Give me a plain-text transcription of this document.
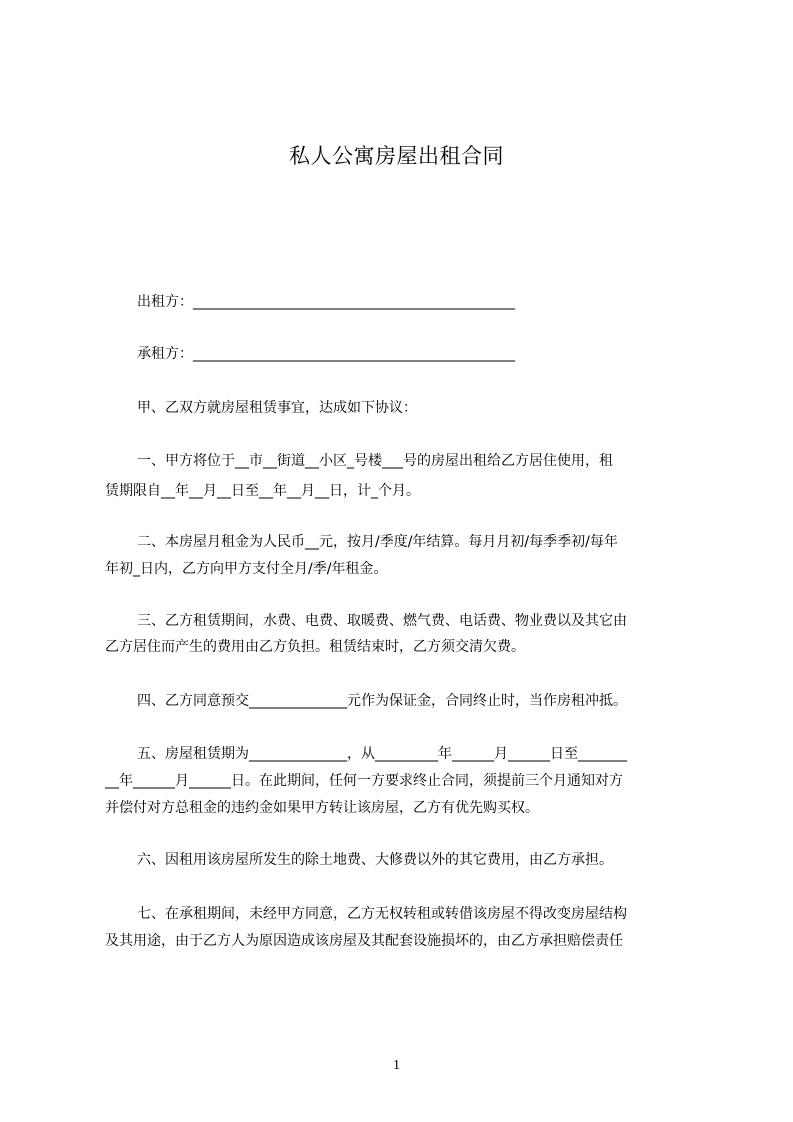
私人公寓房屋出租合同
出租方：______________________________________________
承租方：______________________________________________
甲、乙双方就房屋租赁事宜，达成如下协议：
一、甲方将位于__市__街道__小区_号楼___号的房屋出租给乙方居住使用，租
赁期限自__年__月__日至__年__月__日，计_个月。
二、本房屋月租金为人民币__元，按月/季度/年结算。每月月初/每季季初/每年
年初_日内，乙方向甲方支付全月/季/年租金。
三、乙方租赁期间，水费、电费、取暖费、燃气费、电话费、物业费以及其它由
乙方居住而产生的费用由乙方负担。租赁结束时，乙方须交清欠费。
四、乙方同意预交______________元作为保证金，合同终止时，当作房租冲抵。
五、房屋租赁期为______________，从_________年______月______日至_______
__年______月______日。在此期间，任何一方要求终止合同，须提前三个月通知对方
并偿付对方总租金的违约金如果甲方转让该房屋，乙方有优先购买权。
六、因租用该房屋所发生的除土地费、大修费以外的其它费用，由乙方承担。
七、在承租期间，未经甲方同意，乙方无权转租或转借该房屋不得改变房屋结构
及其用途，由于乙方人为原因造成该房屋及其配套设施损坏的，由乙方承担赔偿责任
1
